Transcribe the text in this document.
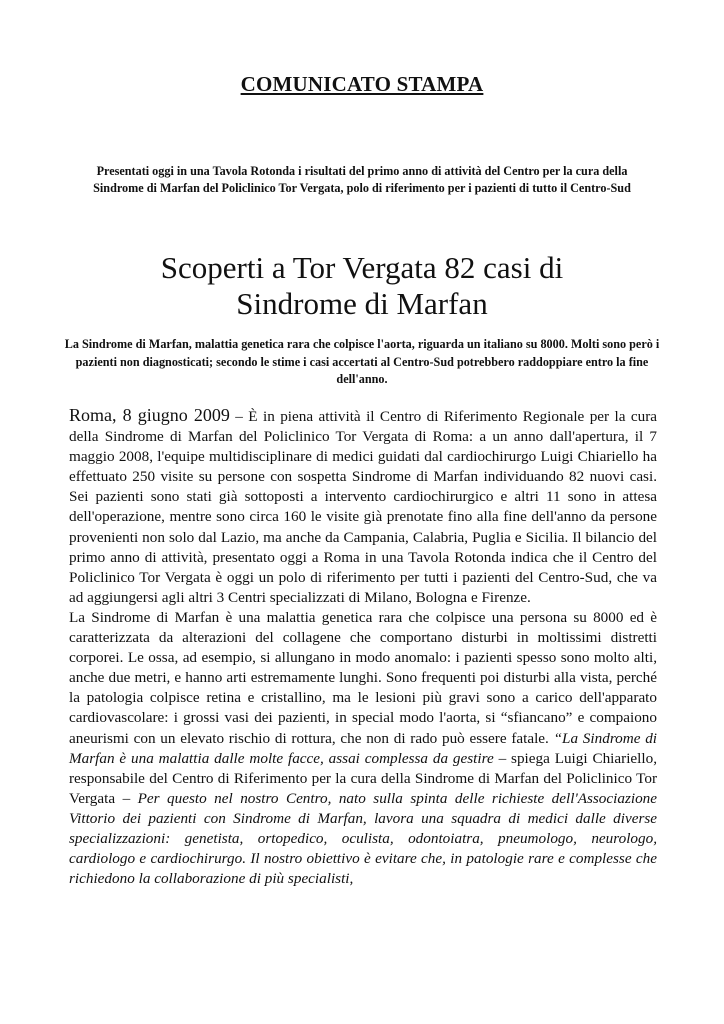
COMUNICATO STAMPA
Presentati oggi in una Tavola Rotonda i risultati del primo anno di attività del Centro per la cura della Sindrome di Marfan del Policlinico Tor Vergata, polo di riferimento per i pazienti di tutto il Centro-Sud
Scoperti a Tor Vergata 82 casi di
Sindrome di Marfan
La Sindrome di Marfan, malattia genetica rara che colpisce l'aorta, riguarda un italiano su 8000. Molti sono però i pazienti non diagnosticati; secondo le stime i casi accertati al Centro-Sud potrebbero raddoppiare entro la fine dell'anno.

Roma, 8 giugno 2009 – È in piena attività il Centro di Riferimento Regionale per la cura della Sindrome di Marfan del Policlinico Tor Vergata di Roma: a un anno dall'apertura, il 7 maggio 2008, l'equipe multidisciplinare di medici guidati dal cardiochirurgo Luigi Chiariello ha effettuato 250 visite su persone con sospetta Sindrome di Marfan individuando 82 nuovi casi. Sei pazienti sono stati già sottoposti a intervento cardiochirurgico e altri 11 sono in attesa dell'operazione, mentre sono circa 160 le visite già prenotate fino alla fine dell'anno da persone provenienti non solo dal Lazio, ma anche da Campania, Calabria, Puglia e Sicilia. Il bilancio del primo anno di attività, presentato oggi a Roma in una Tavola Rotonda indica che il Centro del Policlinico Tor Vergata è oggi un polo di riferimento per tutti i pazienti del Centro-Sud, che va ad aggiungersi agli altri 3 Centri specializzati di Milano, Bologna e Firenze.

La Sindrome di Marfan è una malattia genetica rara che colpisce una persona su 8000 ed è caratterizzata da alterazioni del collagene che comportano disturbi in moltissimi distretti corporei. Le ossa, ad esempio, si allungano in modo anomalo: i pazienti spesso sono molto alti, anche due metri, e hanno arti estremamente lunghi. Sono frequenti poi disturbi alla vista, perché la patologia colpisce retina e cristallino, ma le lesioni più gravi sono a carico dell'apparato cardiovascolare: i grossi vasi dei pazienti, in special modo l'aorta, si “sfiancano” e compaiono aneurismi con un elevato rischio di rottura, che non di rado può essere fatale. “La Sindrome di Marfan è una malattia dalle molte facce, assai complessa da gestire – spiega Luigi Chiariello, responsabile del Centro di Riferimento per la cura della Sindrome di Marfan del Policlinico Tor Vergata – Per questo nel nostro Centro, nato sulla spinta delle richieste dell'Associazione Vittorio dei pazienti con Sindrome di Marfan, lavora una squadra di medici dalle diverse specializzazioni: genetista, ortopedico, oculista, odontoiatra, pneumologo, neurologo, cardiologo e cardiochirurgo. Il nostro obiettivo è evitare che, in patologie rare e complesse che richiedono la collaborazione di più specialisti,
